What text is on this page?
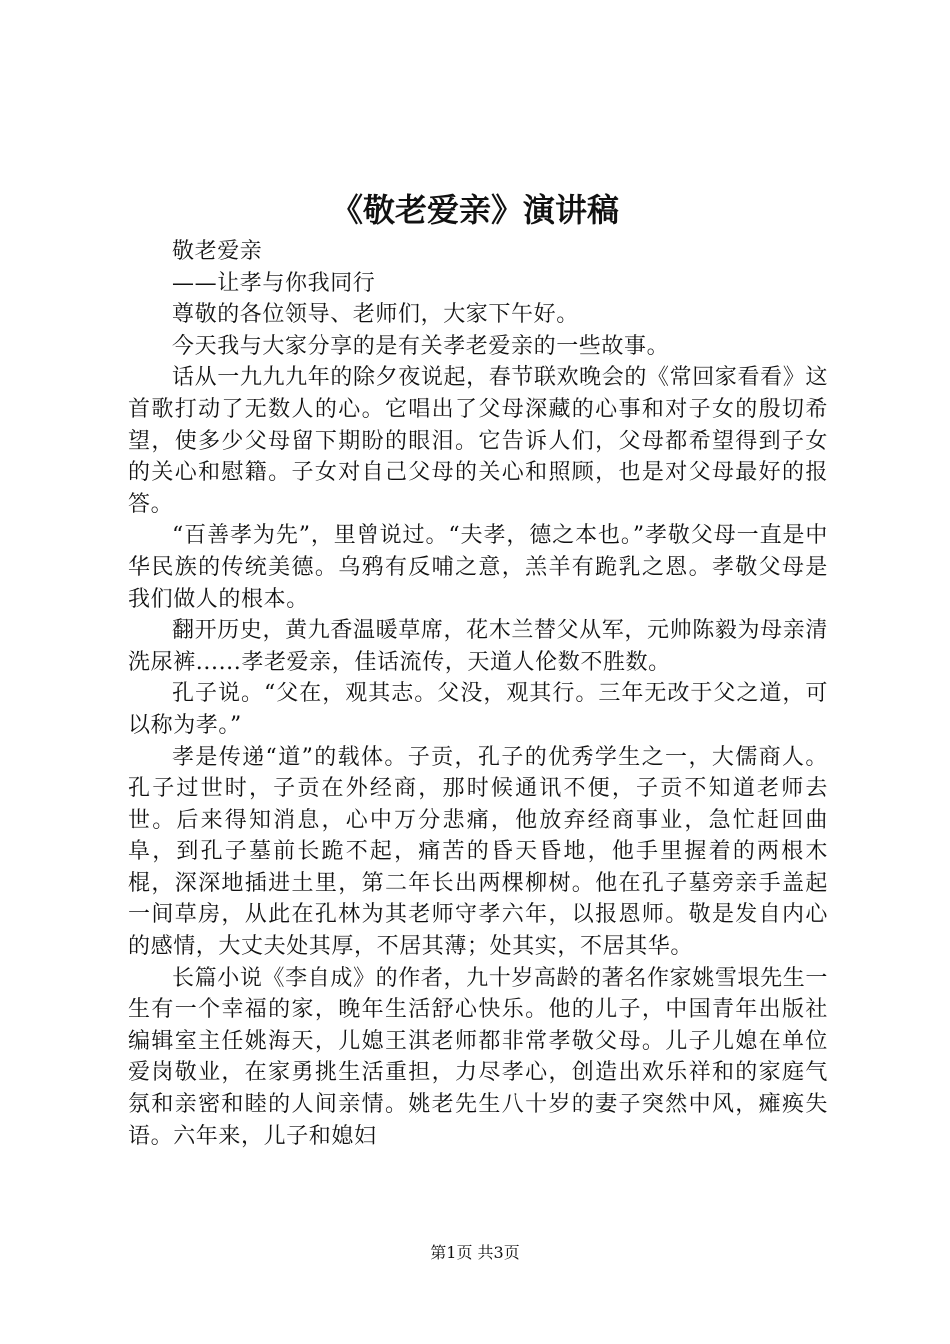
《敬老爱亲》演讲稿

敬老爱亲

——让孝与你我同行

尊敬的各位领导、老师们，大家下午好。

今天我与大家分享的是有关孝老爱亲的一些故事。

话从一九九九年的除夕夜说起，春节联欢晚会的《常回家看看》这首歌打动了无数人的心。它唱出了父母深藏的心事和对子女的殷切希望，使多少父母留下期盼的眼泪。它告诉人们，父母都希望得到子女的关心和慰籍。子女对自己父母的关心和照顾，也是对父母最好的报答。

“百善孝为先”，里曾说过。“夫孝，德之本也。”孝敬父母一直是中华民族的传统美德。乌鸦有反哺之意，羔羊有跪乳之恩。孝敬父母是我们做人的根本。

翻开历史，黄九香温暖草席，花木兰替父从军，元帅陈毅为母亲清洗尿裤......孝老爱亲，佳话流传，天道人伦数不胜数。

孔子说。“父在，观其志。父没，观其行。三年无改于父之道，可以称为孝。”

孝是传递“道”的载体。子贡，孔子的优秀学生之一，大儒商人。孔子过世时，子贡在外经商，那时候通讯不便，子贡不知道老师去世。后来得知消息，心中万分悲痛，他放弃经商事业，急忙赶回曲阜，到孔子墓前长跪不起，痛苦的昏天昏地，他手里握着的两根木棍，深深地插进土里，第二年长出两棵柳树。他在孔子墓旁亲手盖起一间草房，从此在孔林为其老师守孝六年，以报恩师。敬是发自内心的感情，大丈夫处其厚，不居其薄；处其实，不居其华。

长篇小说《李自成》的作者，九十岁高龄的著名作家姚雪垠先生一生有一个幸福的家，晚年生活舒心快乐。他的儿子，中国青年出版社编辑室主任姚海天，儿媳王淇老师都非常孝敬父母。儿子儿媳在单位爱岗敬业，在家勇挑生活重担，力尽孝心，创造出欢乐祥和的家庭气氛和亲密和睦的人间亲情。姚老先生八十岁的妻子突然中风，瘫痪失语。六年来，儿子和媳妇

第1页 共3页
